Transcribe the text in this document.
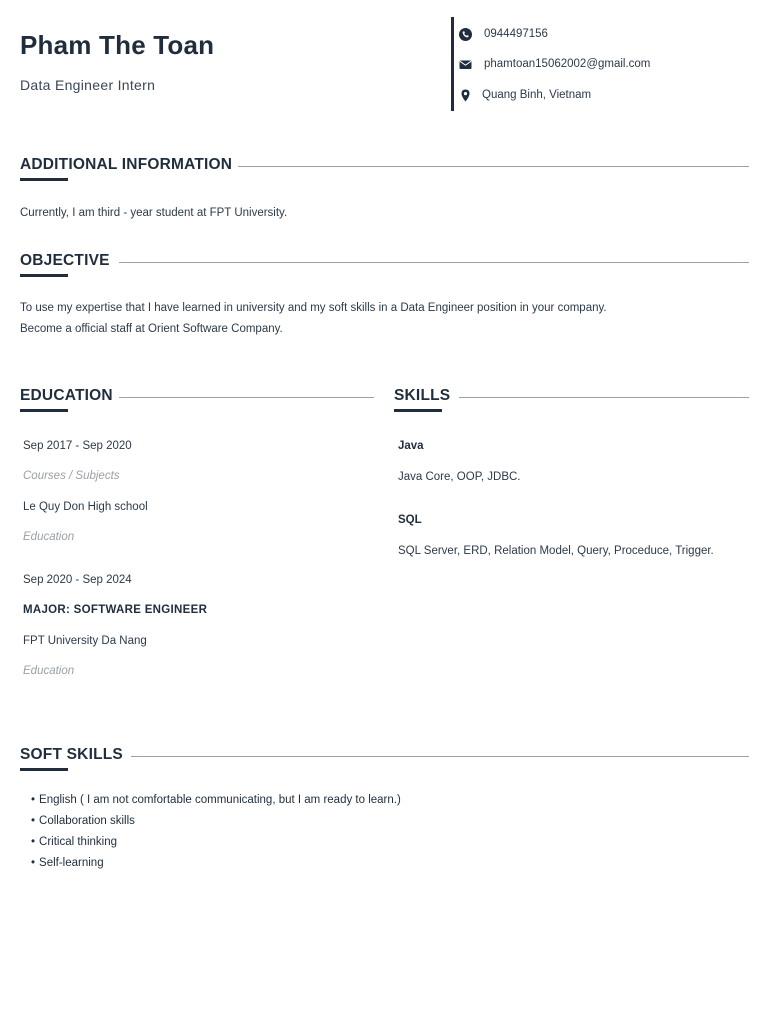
Pham The Toan
Data Engineer Intern
0944497156
phamtoan15062002@gmail.com
Quang Binh, Vietnam
ADDITIONAL INFORMATION
Currently, I am third - year student at FPT University.
OBJECTIVE
To use my expertise that I have learned in university and my soft skills in a Data Engineer position in your company.
Become a official staff at Orient Software Company.
EDUCATION
Sep 2017 - Sep 2020
Courses / Subjects
Le Quy Don High school
Education
Sep 2020 - Sep 2024
MAJOR: SOFTWARE ENGINEER
FPT University Da Nang
Education
SKILLS
Java
Java Core, OOP, JDBC.
SQL
SQL Server, ERD, Relation Model, Query, Proceduce, Trigger.
SOFT SKILLS
• English ( I am not comfortable communicating, but I am ready to learn.)
• Collaboration skills
• Critical thinking
• Self-learning
